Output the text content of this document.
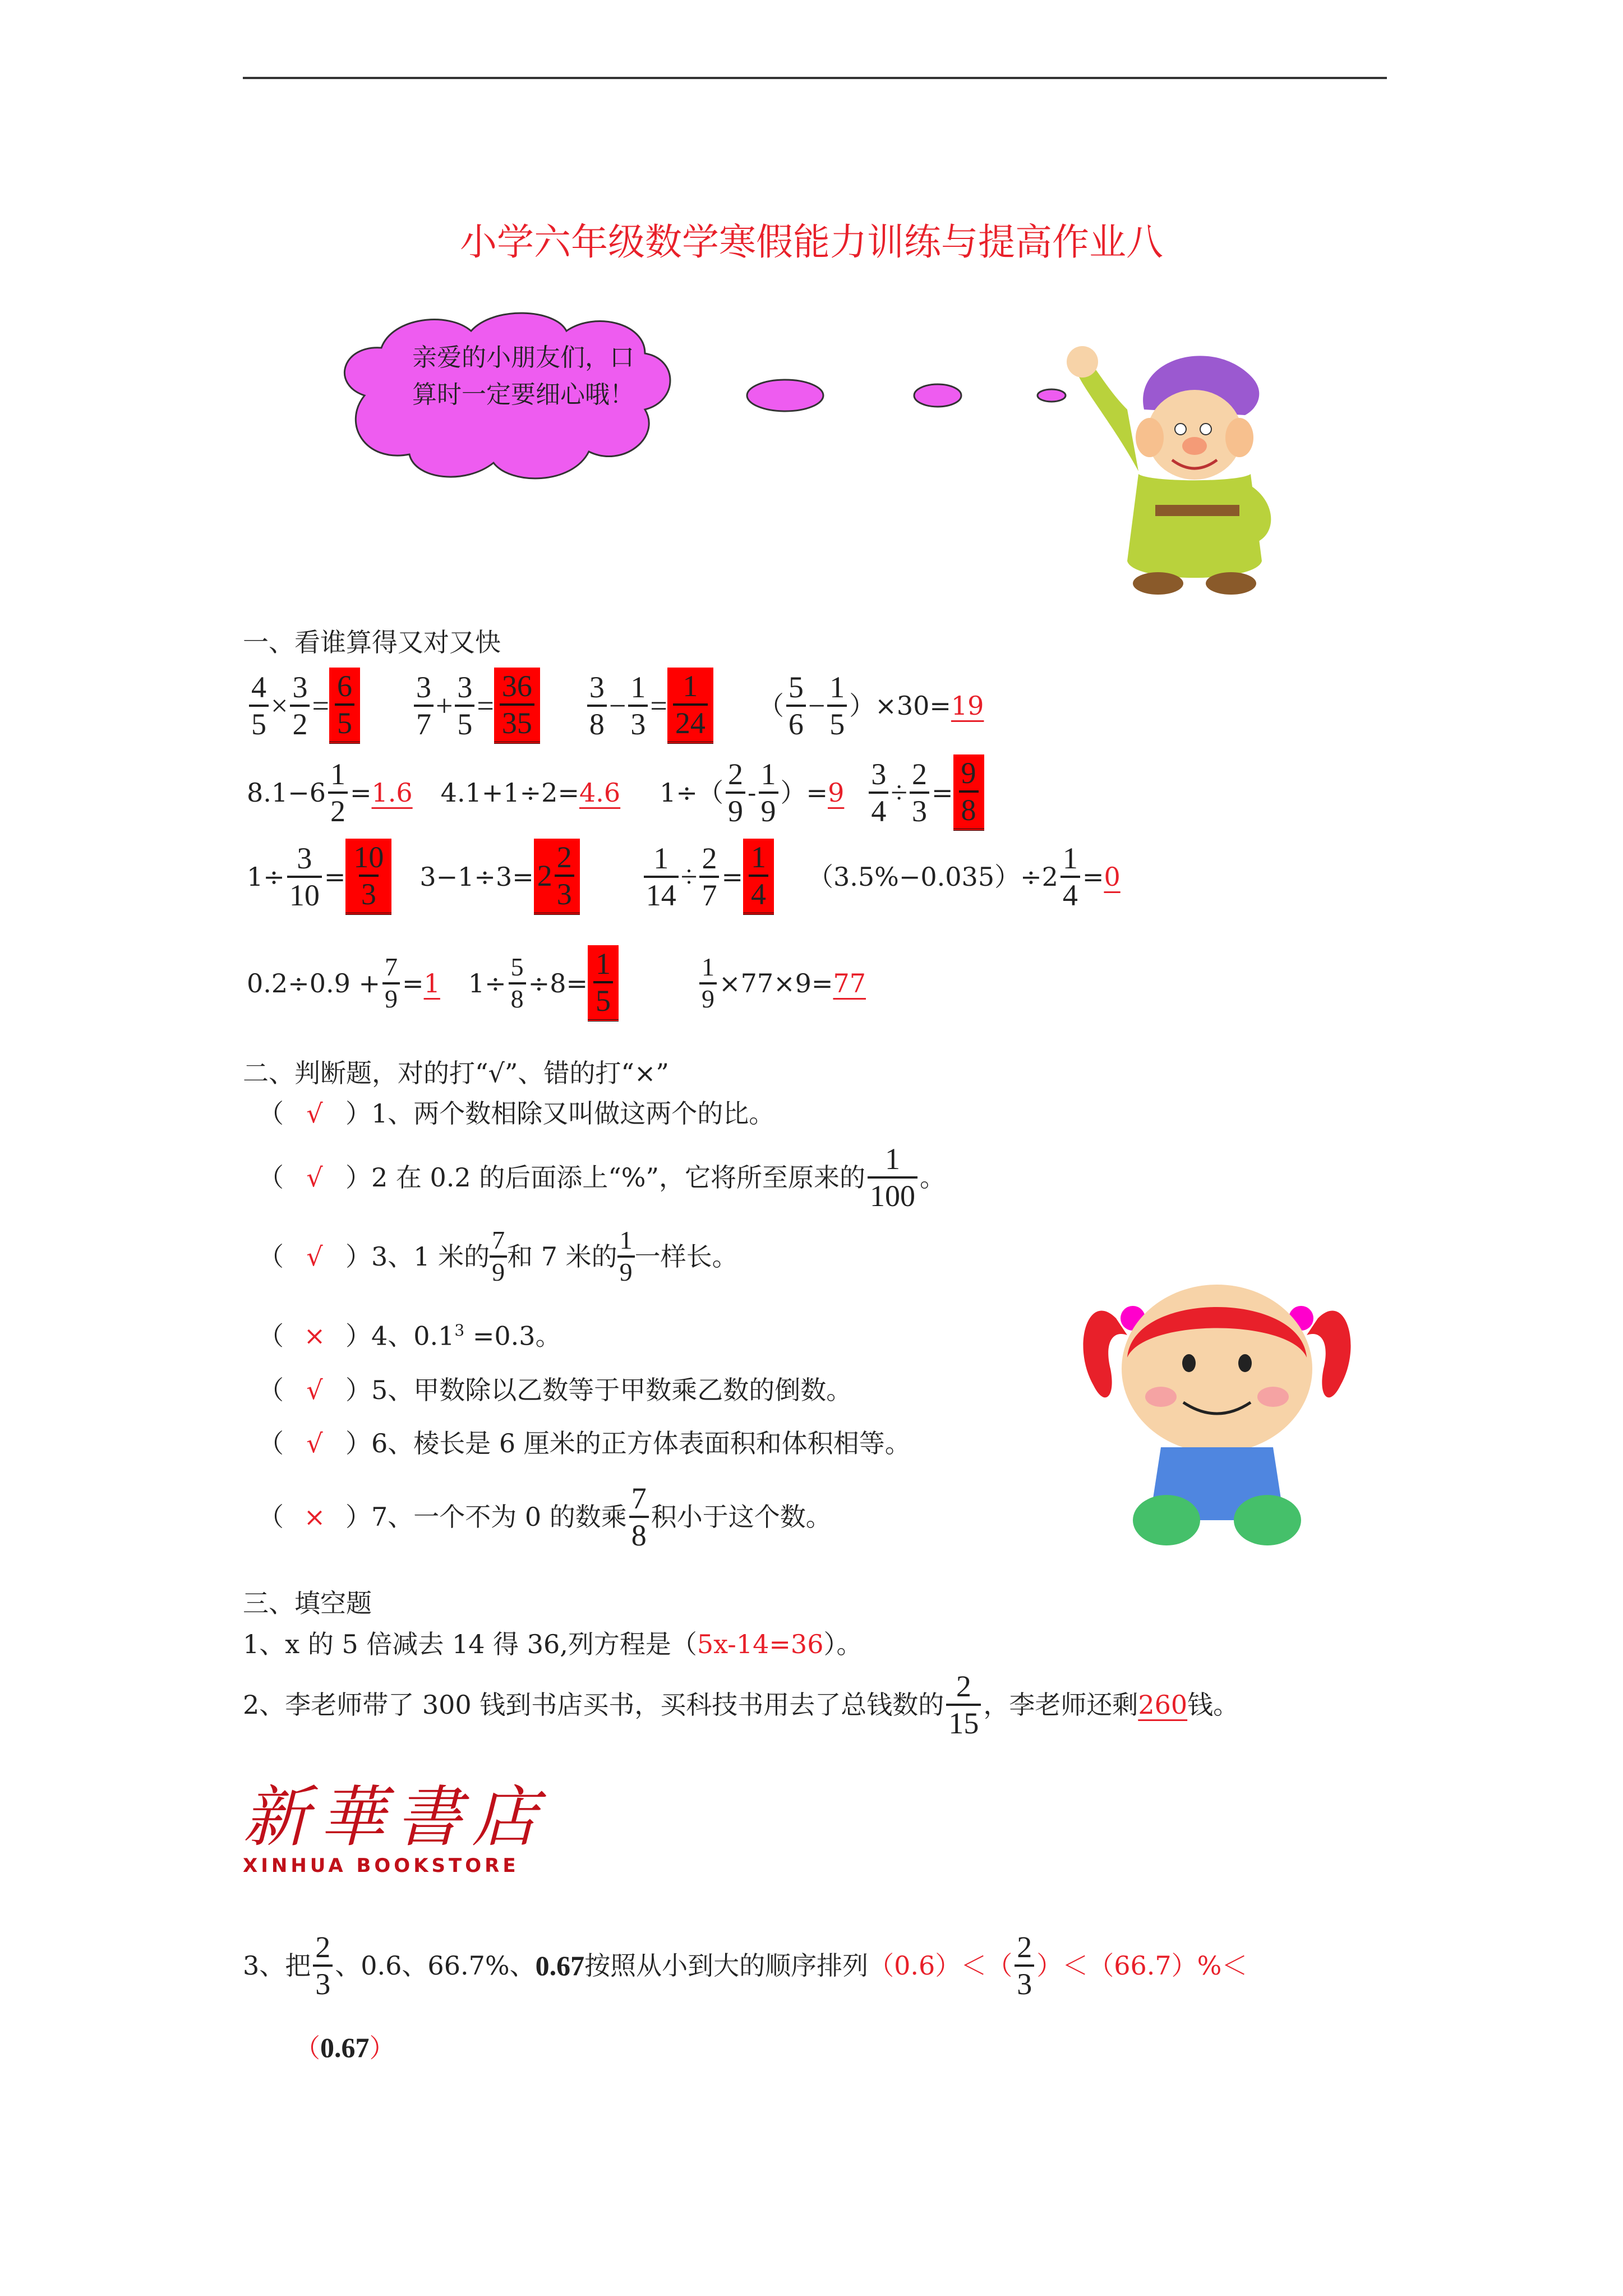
小学六年级数学寒假能力训练与提高作业八
亲爱的小朋友们，口
算时一定要细心哦！
一、看谁算得又对又快
$\frac{4}{5} \times \frac{3}{2} = \frac{6}{5} \frac{3}{7} + \frac{3}{5} = \frac{36}{35} \frac{3}{8} - \frac{1}{3} = \frac{1}{24}$ （ $\frac{5}{6} - \frac{1}{5} )\times 30= 19$
$8.1-6 \frac{1}{2} = 1.6$ 4.1+1÷2= 4.6 $1\div( \frac{2}{9} - \frac{1}{9}$ ）= $9 \frac{3}{4} \div \frac{2}{3} = \frac{9}{8}$
$1\div \frac{3}{10} = \frac{10}{3} 3-1\div 3= 2 \frac{2}{3} \frac{1}{14} \div \frac{2}{7} = \frac{1}{4} (3.5\%-0.035)\div 2 \frac{1}{4} = 0$
$0.2\div 0.9 + \frac{7}{9} = 1$ $1\div \frac{5}{8} \div 8= \frac{1}{5}$	$\frac{1}{9} \times 77\times 9= 77$
二、判断题，对的打“√”、错的打“×”
（ √ ）1、两个数相除又叫做这两个的比。
（ √ ）2 在 0.2 的后面添上“%”，它将所至原来的 $\frac{1}{100}$ 。
（ √ ）3、1 米的 $\frac{7}{9}$ 和 7 米的 $\frac{1}{9}$ 一样长。
（ × ）4、$0.1^3 =0.3$。
（ √ ）5、甲数除以乙数等于甲数乘乙数的倒数。
（ √ ）6、棱长是 6 厘米的正方体表面积和体积相等。
（ × ）7、一个不为 0 的数乘 $\frac{7}{8}$ 积小于这个数。
三、填空题
1、x 的 5 倍减去 14 得 36,列方程是（5x-14=36）。
2、李老师带了 300 钱到书店买书，买科技书用去了总钱数的 $\frac{2}{15}$ ，李老师还剩 260 钱。
新華書店
XINHUA BOOKSTORE
3、把 $\frac{2}{3}$ 、0.6、66.7%、 0.67 按照从小到大的顺序排列 $(0.6)<( \frac{2}{3} )<(66.7)\%<$
（0.67）
